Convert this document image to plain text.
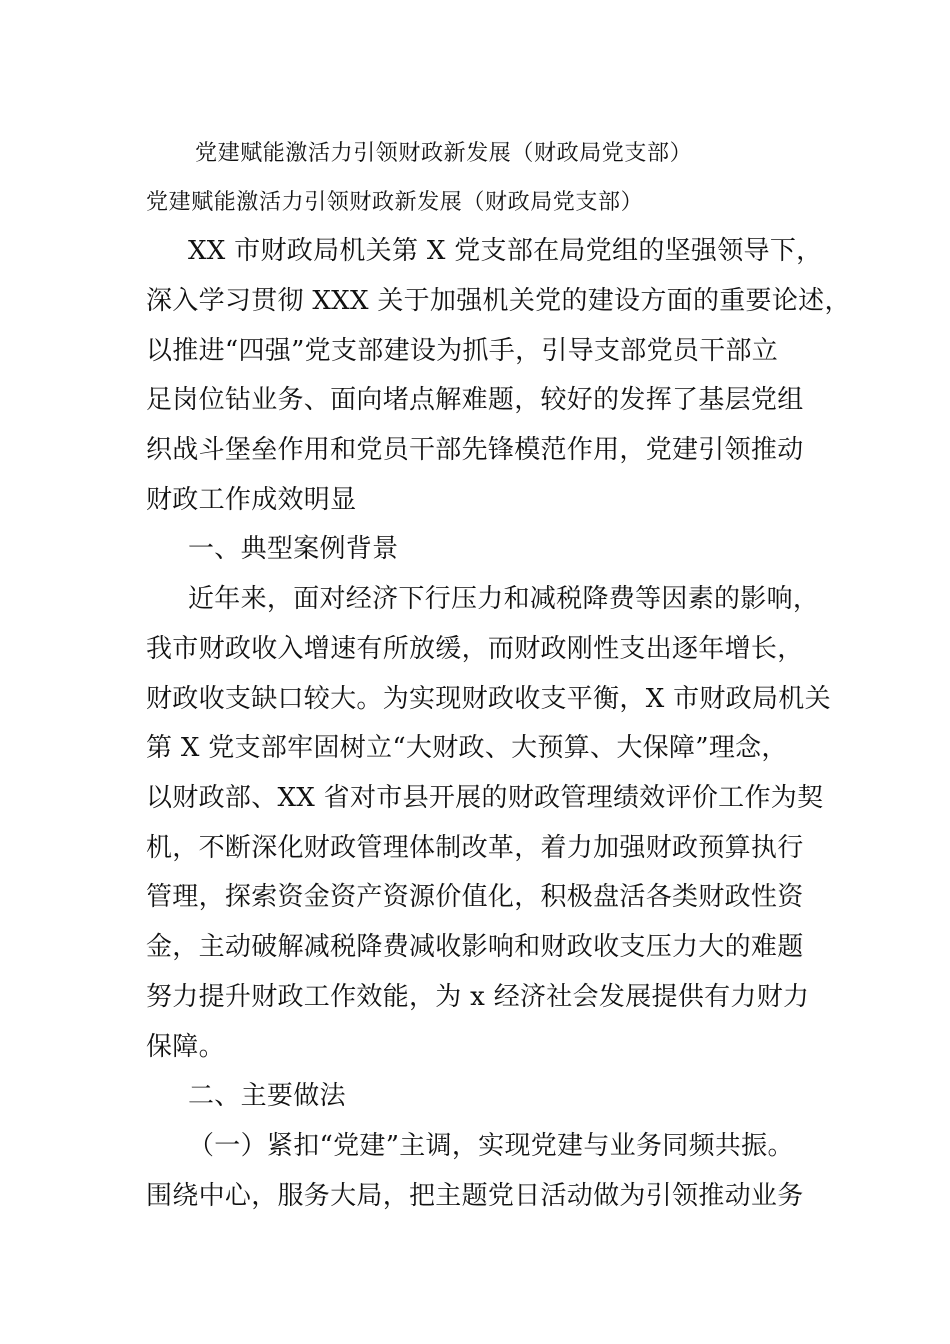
党建赋能激活力引领财政新发展（财政局党支部）
党建赋能激活力引领财政新发展（财政局党支部）
XX 市财政局机关第 X 党支部在局党组的坚强领导下，
深入学习贯彻 XXX 关于加强机关党的建设方面的重要论述，
以推进“四强”党支部建设为抓手，引导支部党员干部立
足岗位钻业务、面向堵点解难题，较好的发挥了基层党组
织战斗堡垒作用和党员干部先锋模范作用，党建引领推动
财政工作成效明显
一、典型案例背景
近年来，面对经济下行压力和减税降费等因素的影响，
我市财政收入增速有所放缓，而财政刚性支出逐年增长，
财政收支缺口较大。为实现财政收支平衡，X 市财政局机关
第 X 党支部牢固树立“大财政、大预算、大保障”理念，
以财政部、XX 省对市县开展的财政管理绩效评价工作为契
机，不断深化财政管理体制改革，着力加强财政预算执行
管理，探索资金资产资源价值化，积极盘活各类财政性资
金，主动破解减税降费减收影响和财政收支压力大的难题
努力提升财政工作效能，为 x 经济社会发展提供有力财力
保障。
二、主要做法
（一）紧扣“党建”主调，实现党建与业务同频共振。
围绕中心，服务大局，把主题党日活动做为引领推动业务
